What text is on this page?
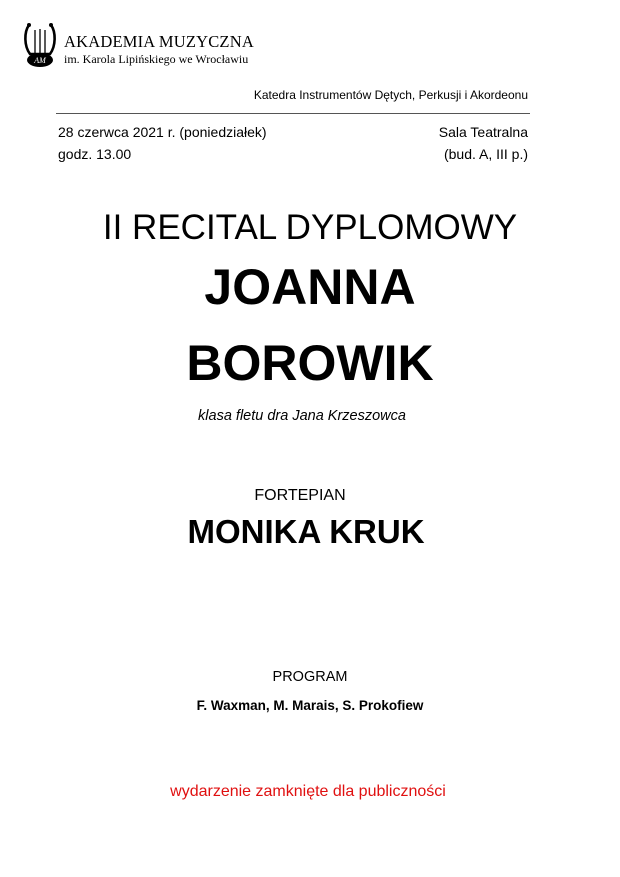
AM
AKADEMIA MUZYCZNA
im. Karola Lipińskiego we Wrocławiu
Katedra Instrumentów Dętych, Perkusji i Akordeonu
28 czerwca 2021 r. (poniedziałek)
godz. 13.00
Sala Teatralna
(bud. A, III p.)
II RECITAL DYPLOMOWY
JOANNA
BOROWIK
klasa fletu dra Jana Krzeszowca
FORTEPIAN
MONIKA KRUK
PROGRAM
F. Waxman, M. Marais, S. Prokofiew
wydarzenie zamknięte dla publiczności
